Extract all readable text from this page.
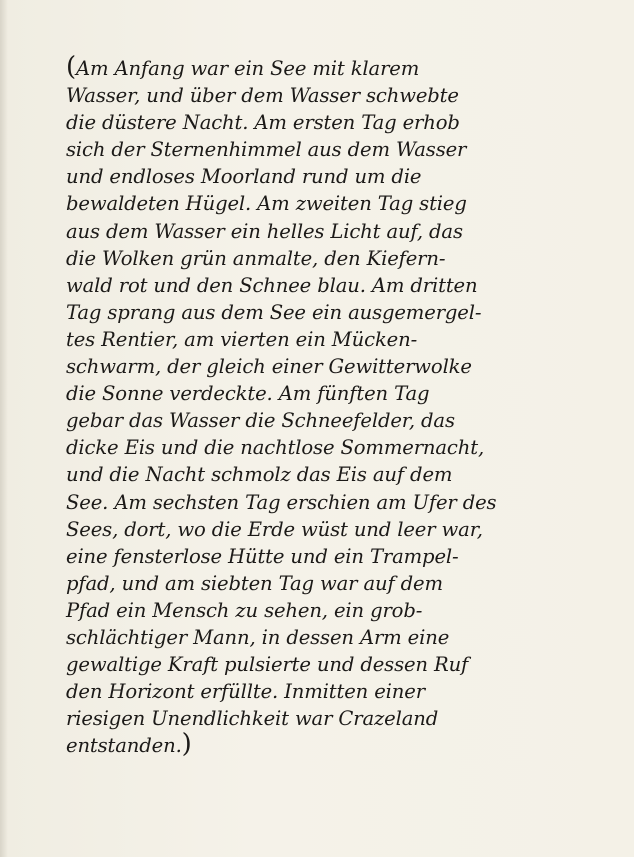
(Am Anfang war ein See mit klarem
Wasser, und über dem Wasser schwebte
die düstere Nacht. Am ersten Tag erhob
sich der Sternenhimmel aus dem Wasser
und endloses Moorland rund um die
bewaldeten Hügel. Am zweiten Tag stieg
aus dem Wasser ein helles Licht auf, das
die Wolken grün anmalte, den Kiefern-
wald rot und den Schnee blau. Am dritten
Tag sprang aus dem See ein ausgemergel-
tes Rentier, am vierten ein Mücken-
schwarm, der gleich einer Gewitterwolke
die Sonne verdeckte. Am fünften Tag
gebar das Wasser die Schneefelder, das
dicke Eis und die nachtlose Sommernacht,
und die Nacht schmolz das Eis auf dem
See. Am sechsten Tag erschien am Ufer des
Sees, dort, wo die Erde wüst und leer war,
eine fensterlose Hütte und ein Trampel-
pfad, und am siebten Tag war auf dem
Pfad ein Mensch zu sehen, ein grob-
schlächtiger Mann, in dessen Arm eine
gewaltige Kraft pulsierte und dessen Ruf
den Horizont erfüllte. Inmitten einer
riesigen Unendlichkeit war Crazeland
entstanden.)
